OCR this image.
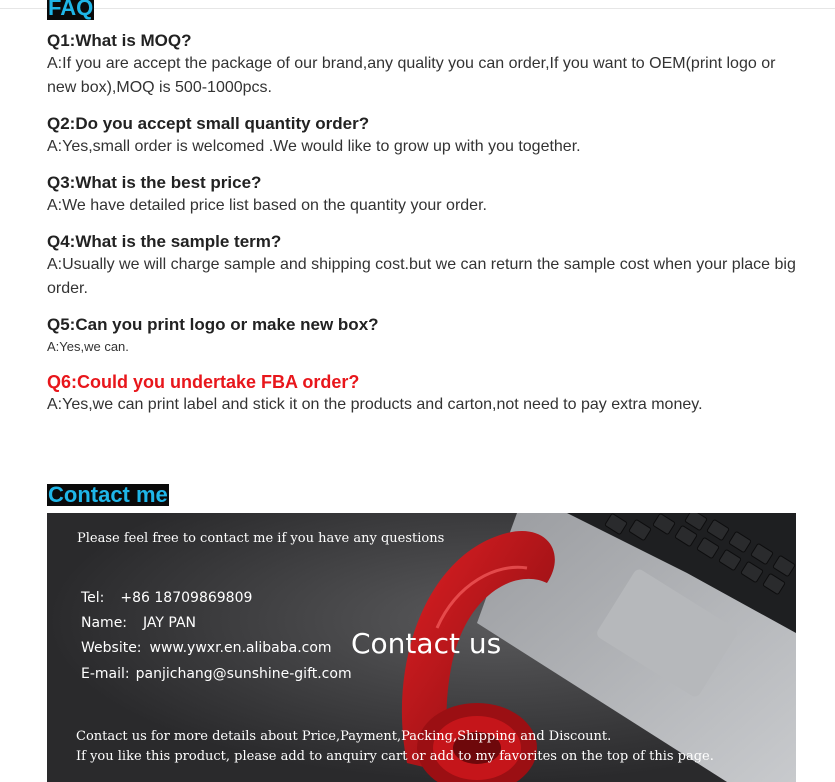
FAQ
Q1:What is MOQ?
A:If you are accept the package of our brand,any quality you can order,If you want to OEM(print logo or new box),MOQ is 500-1000pcs.
Q2:Do you accept small quantity order?
A:Yes,small order is welcomed .We would like to grow up with you together.
Q3:What is the best price?
A:We have detailed price list based on the quantity your order.
Q4:What is the sample term?
A:Usually we will charge sample and shipping cost.but we can return the sample cost when your place big order.
Q5:Can you print logo or make new box?
A:Yes,we can.
Q6:Could you undertake FBA order?
A:Yes,we can print label and stick it on the products and carton,not need to pay extra money.
Contact me
Please feel free to contact me if you have any questions
Tel: +86 18709869809
Name: JAY PAN
Website: www.ywxr.en.alibaba.com
E-mail: panjichang@sunshine-gift.com
Contact us
Contact us for more details about Price,Payment,Packing,Shipping and Discount.
If you like this product, please add to anquiry cart or add to my favorites on the top of this page.
